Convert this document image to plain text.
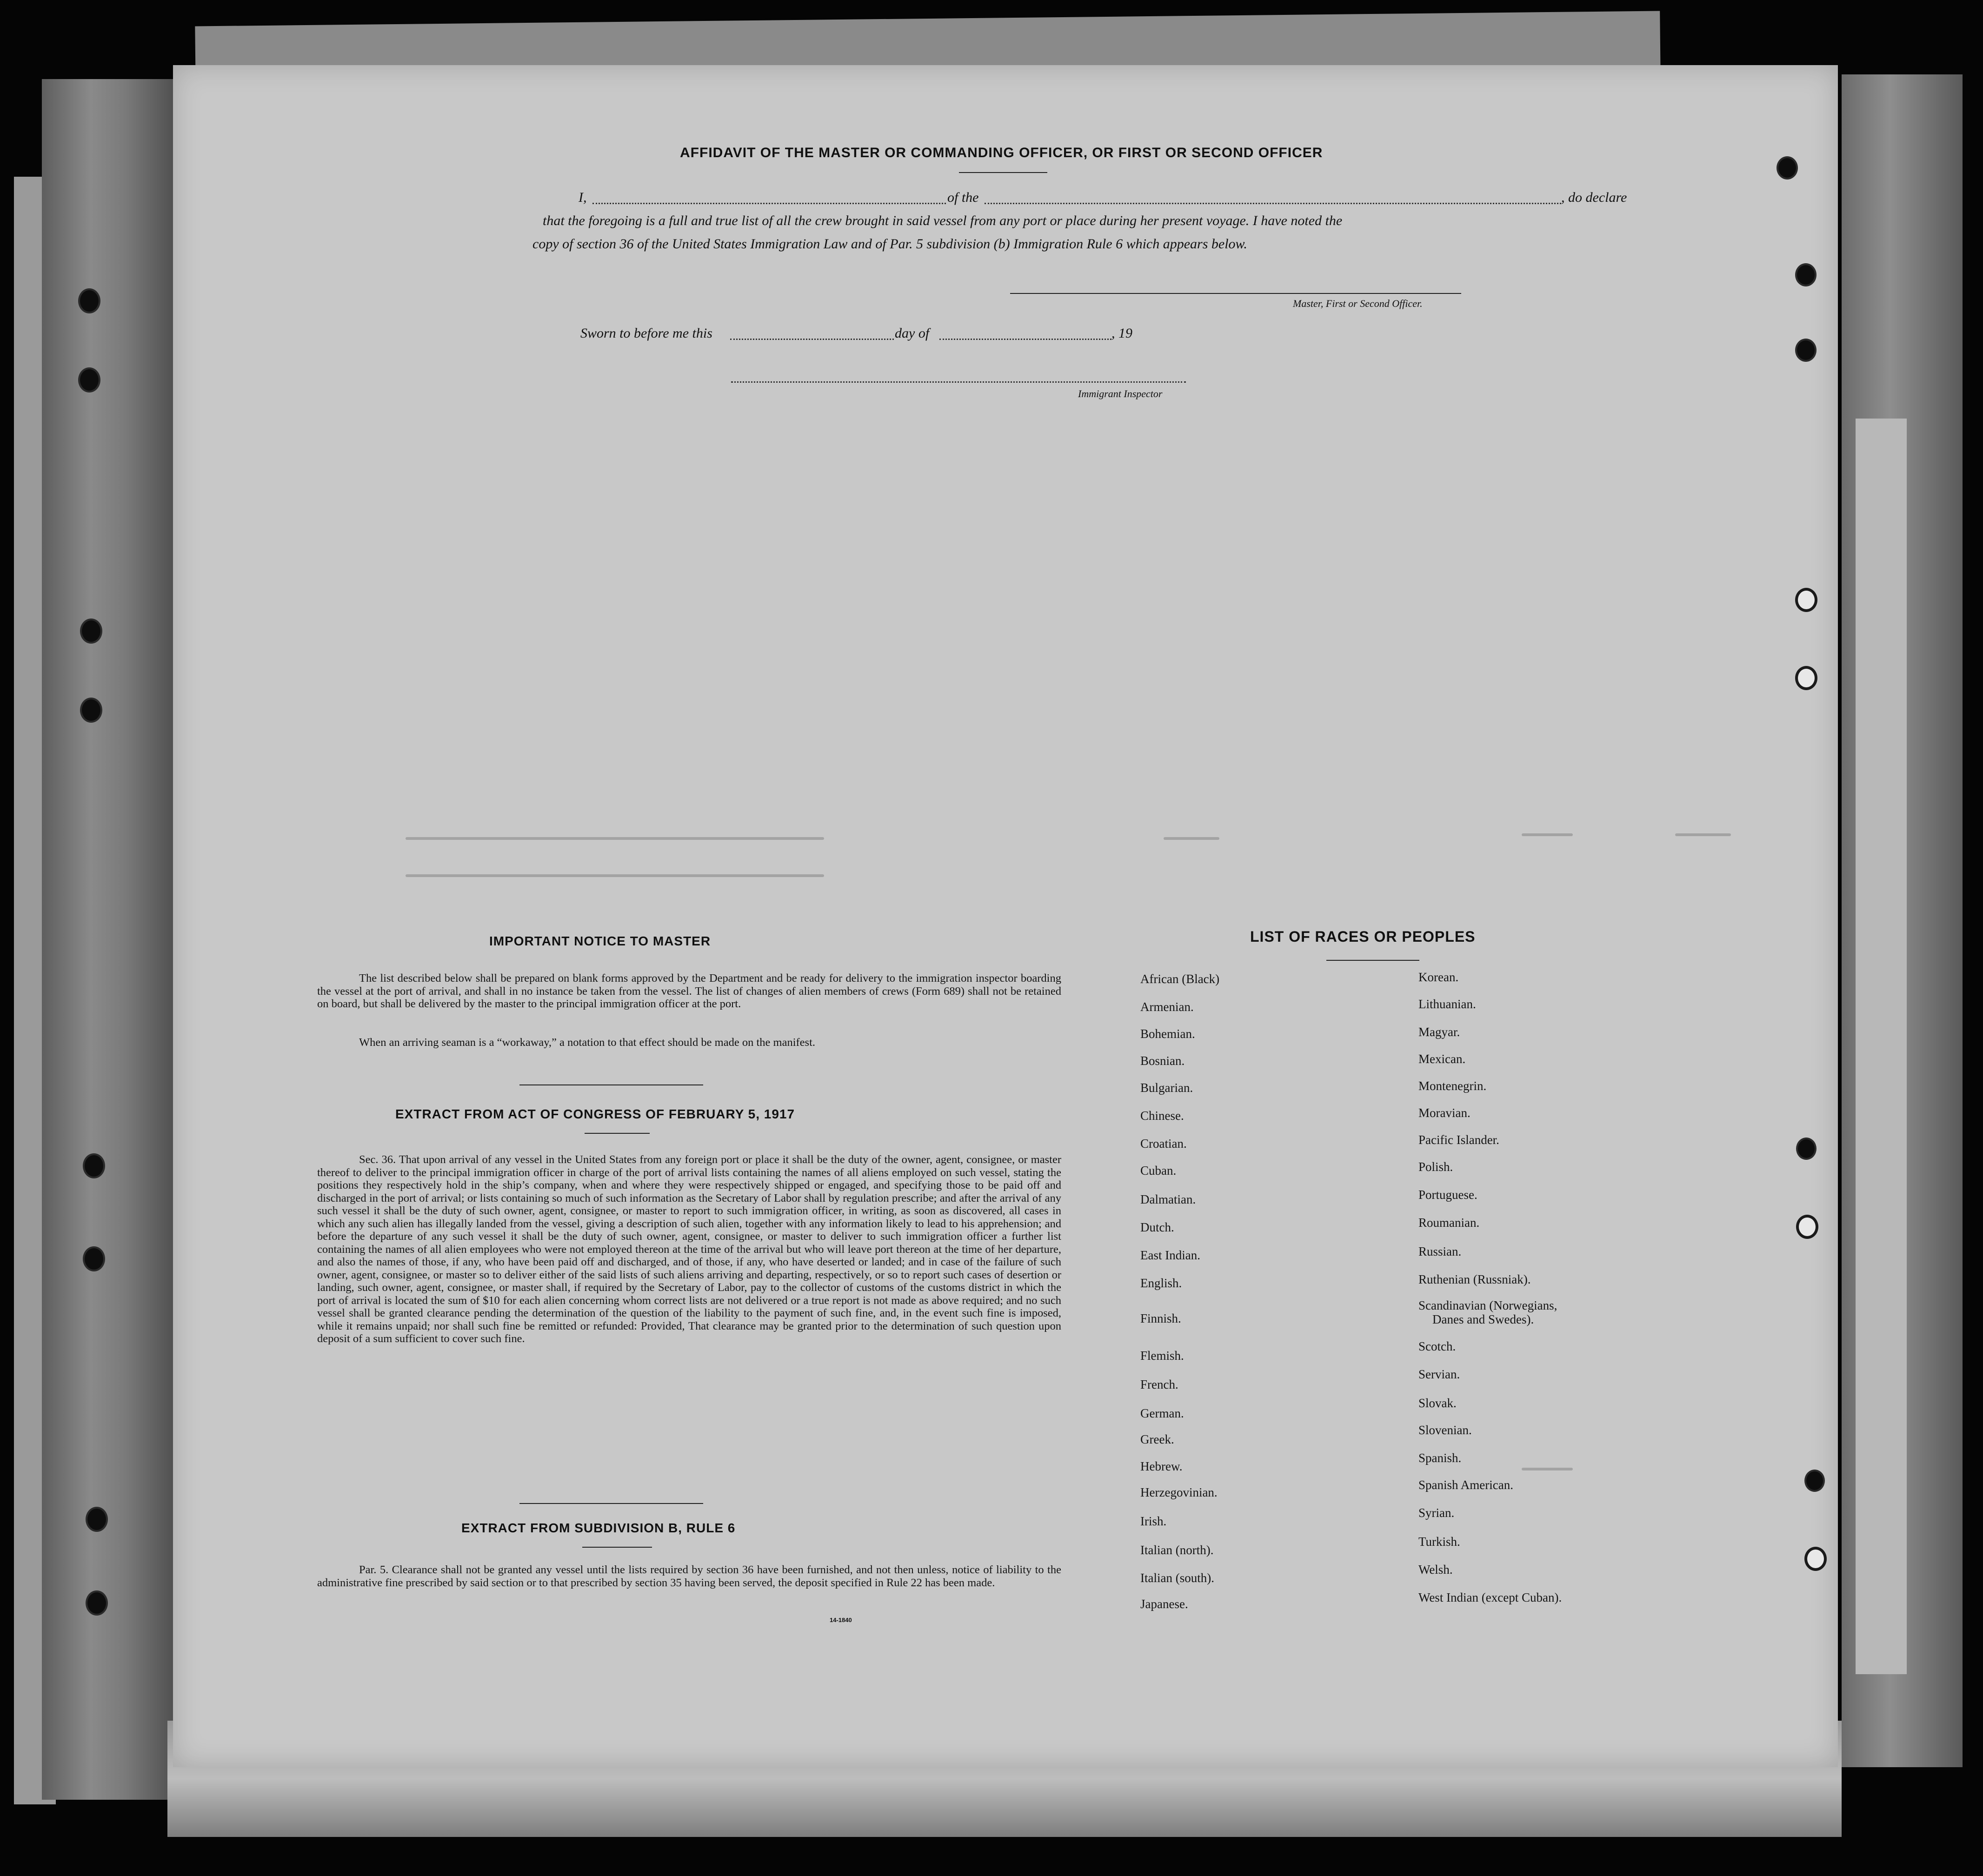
AFFIDAVIT OF THE MASTER OR COMMANDING OFFICER, OR FIRST OR SECOND OFFICER
I,	of the	, do declare
that the foregoing is a full and true list of all the crew brought in said vessel from any port or place during her present voyage. I have noted the
copy of section 36 of the United States Immigration Law and of Par. 5 subdivision (b) Immigration Rule 6 which appears below.
Master, First or Second Officer.
Sworn to before me this	day of	, 19
Immigrant Inspector
IMPORTANT NOTICE TO MASTER
The list described below shall be prepared on blank forms approved by the Department and be ready for delivery to the immigration inspector boarding the vessel at the port of arrival, and shall in no instance be taken from the vessel. The list of changes of alien members of crews (Form 689) shall not be retained on board, but shall be delivered by the master to the principal immigration officer at the port.
When an arriving seaman is a “workaway,” a notation to that effect should be made on the manifest.
EXTRACT FROM ACT OF CONGRESS OF FEBRUARY 5, 1917
Sec. 36. That upon arrival of any vessel in the United States from any foreign port or place it shall be the duty of the owner, agent, consignee, or master thereof to deliver to the principal immigration officer in charge of the port of arrival lists containing the names of all aliens employed on such vessel, stating the positions they respectively hold in the ship’s company, when and where they were respectively shipped or engaged, and specifying those to be paid off and discharged in the port of arrival; or lists containing so much of such information as the Secretary of Labor shall by regulation prescribe; and after the arrival of any such vessel it shall be the duty of such owner, agent, consignee, or master to report to such immigration officer, in writing, as soon as discovered, all cases in which any such alien has illegally landed from the vessel, giving a description of such alien, together with any information likely to lead to his apprehension; and before the departure of any such vessel it shall be the duty of such owner, agent, consignee, or master to deliver to such immigration officer a further list containing the names of all alien employees who were not employed thereon at the time of the arrival but who will leave port thereon at the time of her departure, and also the names of those, if any, who have been paid off and discharged, and of those, if any, who have deserted or landed; and in case of the failure of such owner, agent, consignee, or master so to deliver either of the said lists of such aliens arriving and departing, respectively, or so to report such cases of desertion or landing, such owner, agent, consignee, or master shall, if required by the Secretary of Labor, pay to the collector of customs of the customs district in which the port of arrival is located the sum of $10 for each alien concerning whom correct lists are not delivered or a true report is not made as above required; and no such vessel shall be granted clearance pending the determination of the question of the liability to the payment of such fine, and, in the event such fine is imposed, while it remains unpaid; nor shall such fine be remitted or refunded: Provided, That clearance may be granted prior to the determination of such question upon deposit of a sum sufficient to cover such fine.
EXTRACT FROM SUBDIVISION B, RULE 6
Par. 5. Clearance shall not be granted any vessel until the lists required by section 36 have been furnished, and not then unless, notice of liability to the administrative fine prescribed by said section or to that prescribed by section 35 having been served, the deposit specified in Rule 22 has been made.
14-1840
LIST OF RACES OR PEOPLES
African (Black)
Armenian.
Bohemian.
Bosnian.
Bulgarian.
Chinese.
Croatian.
Cuban.
Dalmatian.
Dutch.
East Indian.
English.
Finnish.
Flemish.
French.
German.
Greek.
Hebrew.
Herzegovinian.
Irish.
Italian (north).
Italian (south).
Japanese.
Korean.
Lithuanian.
Magyar.
Mexican.
Montenegrin.
Moravian.
Pacific Islander.
Polish.
Portuguese.
Roumanian.
Russian.
Ruthenian (Russniak).
Scandinavian (Norwegians,
Danes and Swedes).
Scotch.
Servian.
Slovak.
Slovenian.
Spanish.
Spanish American.
Syrian.
Turkish.
Welsh.
West Indian (except Cuban).
